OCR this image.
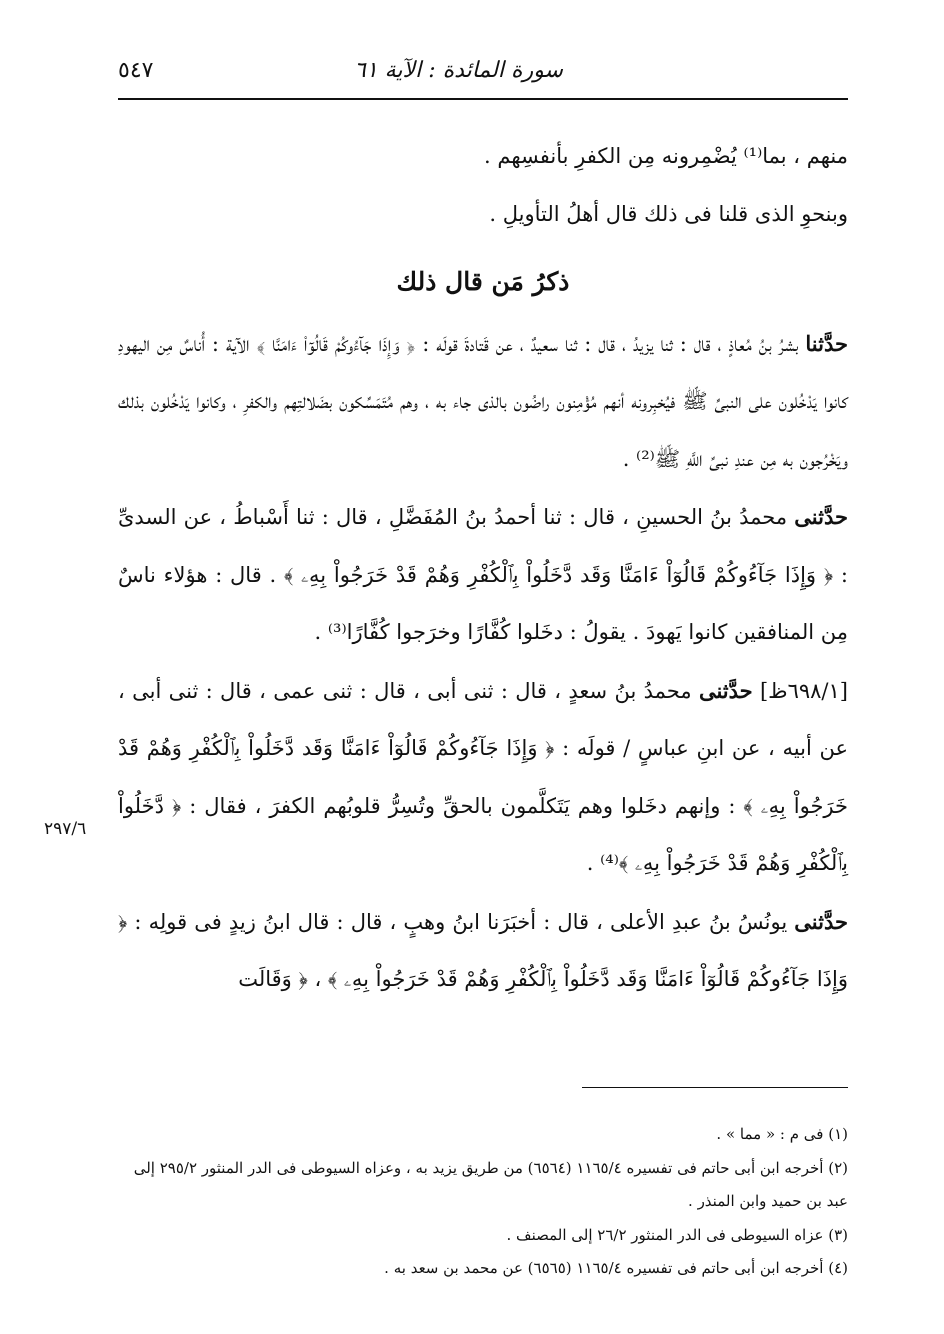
سورة المائدة : الآية ٦١
٥٤٧

منهم ، بما⁽¹⁾ يُضْمِرونه مِن الكفرِ بأنفسِهم .

وبنحوِ الذى قلنا فى ذلك قال أهلُ التأويلِ .

ذكرُ مَن قال ذلك

حدَّثنا بشرُ بنُ مُعاذٍ ، قال : ثنا يزيدُ ، قال : ثنا سعيدٌ ، عن قَتادةَ قولَه : ﴿ وَإِذَا جَآءُوكُمْ قَالُوٓاْ ءَامَنَّا ﴾ الآية : أُناسٌ مِن اليهودِ كانوا يَدْخُلون على النبىِّ ﷺ فيُخبِرونه أنهم مُؤْمِنون راضُون بالذى جاء به ، وهم مُتَمَسِّكون بضَلالتِهم والكفرِ ، وكانوا يَدْخُلون بذلك ويَخْرُجون به مِن عندِ نبىِّ اللَّهِ ﷺ⁽²⁾ .

حدَّثنى محمدُ بنُ الحسينِ ، قال : ثنا أحمدُ بنُ المُفَضَّلِ ، قال : ثنا أَسْباطُ ، عن السدىِّ : ﴿ وَإِذَا جَآءُوكُمْ قَالُوٓاْ ءَامَنَّا وَقَد دَّخَلُواْ بِٱلْكُفْرِ وَهُمْ قَدْ خَرَجُواْ بِهِۦ ﴾ . قال : هؤلاء ناسٌ مِن المنافقين كانوا يَهودَ . يقولُ : دخَلوا كُفَّارًا وخرَجوا كُفَّارًا⁽³⁾ .

[٦٩٨/١ظ] حدَّثنى محمدُ بنُ سعدٍ ، قال : ثنى أبى ، قال : ثنى عمى ، قال : ثنى أبى ، عن أبيه ، عن ابنِ عباسٍ / قولَه : ﴿ وَإِذَا جَآءُوكُمْ قَالُوٓاْ ءَامَنَّا وَقَد دَّخَلُواْ بِٱلْكُفْرِ وَهُمْ قَدْ خَرَجُواْ بِهِۦ ﴾ : وإنهم دخَلوا وهم يَتَكلَّمون بالحقِّ وتُسِرُّ قلوبُهم الكفرَ ، فقال : ﴿ دَّخَلُواْ بِٱلْكُفْرِ وَهُمْ قَدْ خَرَجُواْ بِهِۦ ﴾⁽⁴⁾ .

حدَّثنى يونُسُ بنُ عبدِ الأعلى ، قال : أخبَرَنا ابنُ وهبٍ ، قال : قال ابنُ زيدٍ فى قولِه : ﴿ وَإِذَا جَآءُوكُمْ قَالُوٓاْ ءَامَنَّا وَقَد دَّخَلُواْ بِٱلْكُفْرِ وَهُمْ قَدْ خَرَجُواْ بِهِۦ ﴾ ، ﴿ وَقَالَت

٢٩٧/٦

(١) فى م : « مما » .

(٢) أخرجه ابن أبى حاتم فى تفسيره ١١٦٥/٤ (٦٥٦٤) من طريق يزيد به ، وعزاه السيوطى فى الدر المنثور ٢٩٥/٢ إلى عبد بن حميد وابن المنذر .

(٣) عزاه السيوطى فى الدر المنثور ٢٦/٢ إلى المصنف .

(٤) أخرجه ابن أبى حاتم فى تفسيره ١١٦٥/٤ (٦٥٦٥) عن محمد بن سعد به .
